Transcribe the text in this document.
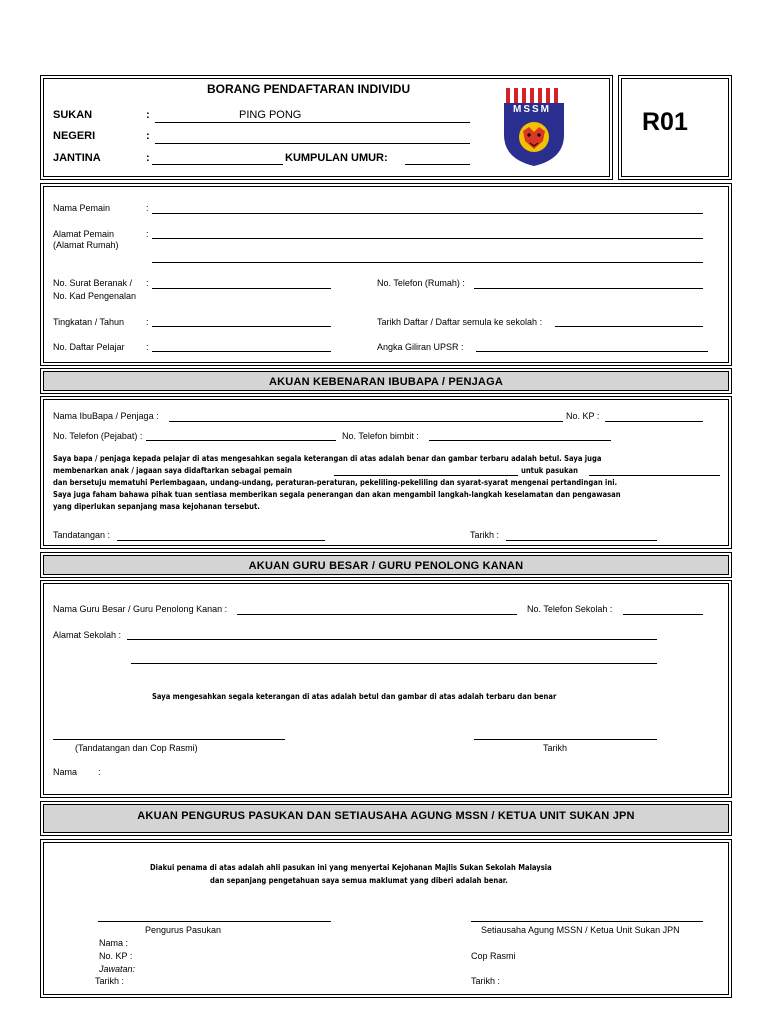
BORANG PENDAFTARAN INDIVIDU
SUKAN	:	PING PONG
NEGERI	:
JANTINA	:	KUMPULAN UMUR:
MSSM	R01
Nama Pemain	:
Alamat Pemain
(Alamat Rumah)
:
No. Surat Beranak /
No. Kad Pengenalan
:	No. Telefon (Rumah) :
Tingkatan / Tahun :	Tarikh Daftar / Daftar semula ke sekolah :
No. Daftar Pelajar :	Angka Giliran UPSR :
AKUAN KEBENARAN IBUBAPA / PENJAGA
Nama IbuBapa / Penjaga :	No. KP :
No. Telefon (Pejabat) :	No. Telefon bimbit :
Saya bapa / penjaga kepada pelajar di atas mengesahkan segala keterangan di atas adalah benar dan gambar terbaru adalah betul. Saya juga
membenarkan anak / jagaan saya didaftarkan sebagai pemain	untuk pasukan
dan bersetuju mematuhi Perlembagaan, undang-undang, peraturan-peraturan, pekeliling-pekeliling dan syarat-syarat mengenai pertandingan ini.
Saya juga faham bahawa pihak tuan sentiasa memberikan segala penerangan dan akan mengambil langkah-langkah keselamatan dan pengawasan
yang diperlukan sepanjang masa kejohanan tersebut.
Tandatangan :	Tarikh :
AKUAN GURU BESAR / GURU PENOLONG KANAN
Nama Guru Besar / Guru Penolong Kanan :	No. Telefon Sekolah :
Alamat Sekolah :
Saya mengesahkan segala keterangan di atas adalah betul dan gambar di atas adalah terbaru dan benar
(Tandatangan dan Cop Rasmi)	Tarikh
Nama :
AKUAN PENGURUS PASUKAN DAN SETIAUSAHA AGUNG MSSN / KETUA UNIT SUKAN JPN
Diakui penama di atas adalah ahli pasukan ini yang menyertai Kejohanan Majlis Sukan Sekolah Malaysia
dan sepanjang pengetahuan saya semua maklumat yang diberi adalah benar.
Pengurus Pasukan	Setiausaha Agung MSSN / Ketua Unit Sukan JPN
Nama :
No. KP :	Cop Rasmi
Jawatan:
Tarikh :	Tarikh :
